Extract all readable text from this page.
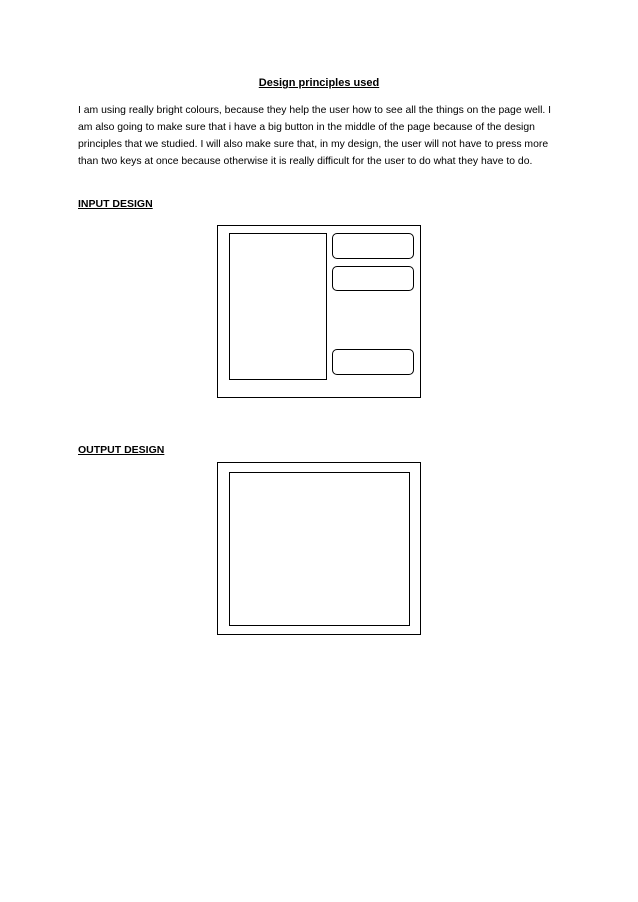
Design principles used

I am using really bright colours, because they help the user how to see all the things on the page well. I am also going to make sure that i have a big button in the middle of the page because of the design principles that we studied. I will also make sure that, in my design, the user will not have to press more than two keys at once because otherwise it is really difficult for the user to do what they have to do.

INPUT DESIGN
OUTPUT DESIGN
